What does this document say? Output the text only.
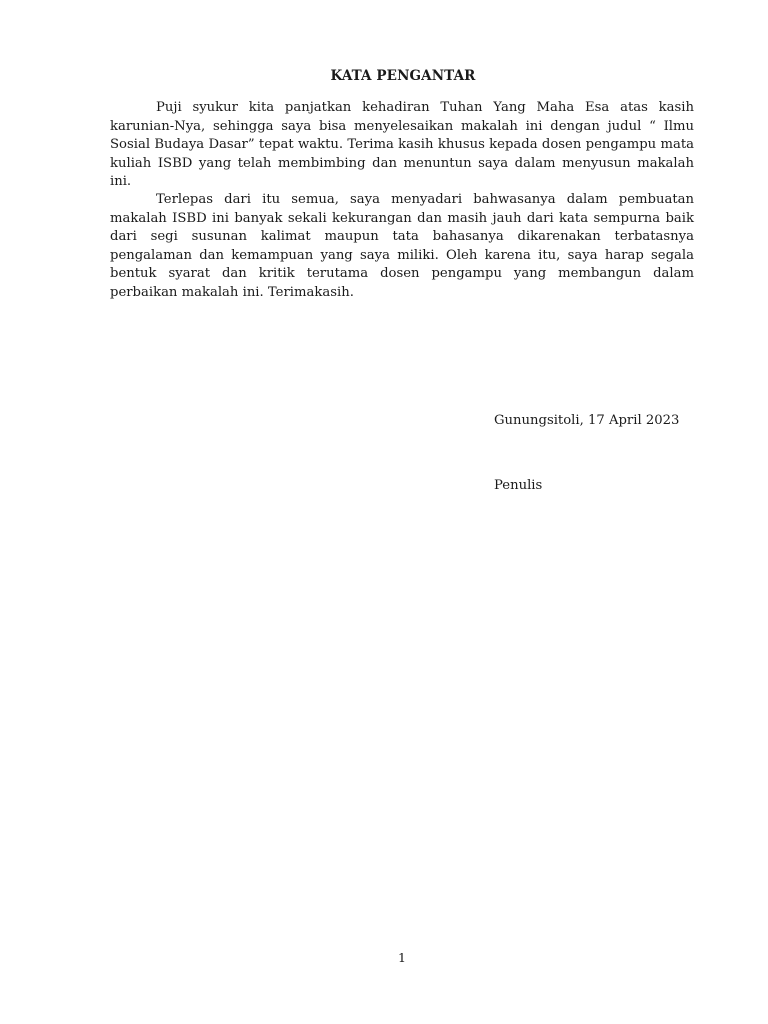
KATA PENGANTAR

Puji syukur kita panjatkan kehadiran Tuhan Yang Maha Esa atas kasih karunian-Nya, sehingga saya bisa menyelesaikan makalah ini dengan judul “ Ilmu Sosial Budaya Dasar” tepat waktu. Terima kasih khusus kepada dosen pengampu mata kuliah ISBD yang telah membimbing dan menuntun saya dalam menyusun makalah ini.

Terlepas dari itu semua, saya menyadari bahwasanya dalam pembuatan makalah ISBD ini banyak sekali kekurangan dan masih jauh dari kata sempurna baik dari segi susunan kalimat maupun tata bahasanya dikarenakan terbatasnya pengalaman dan kemampuan yang saya miliki. Oleh karena itu, saya harap segala bentuk syarat dan kritik terutama dosen pengampu yang membangun dalam perbaikan makalah ini. Terimakasih.

Gunungsitoli, 17 April 2023
Penulis
1
